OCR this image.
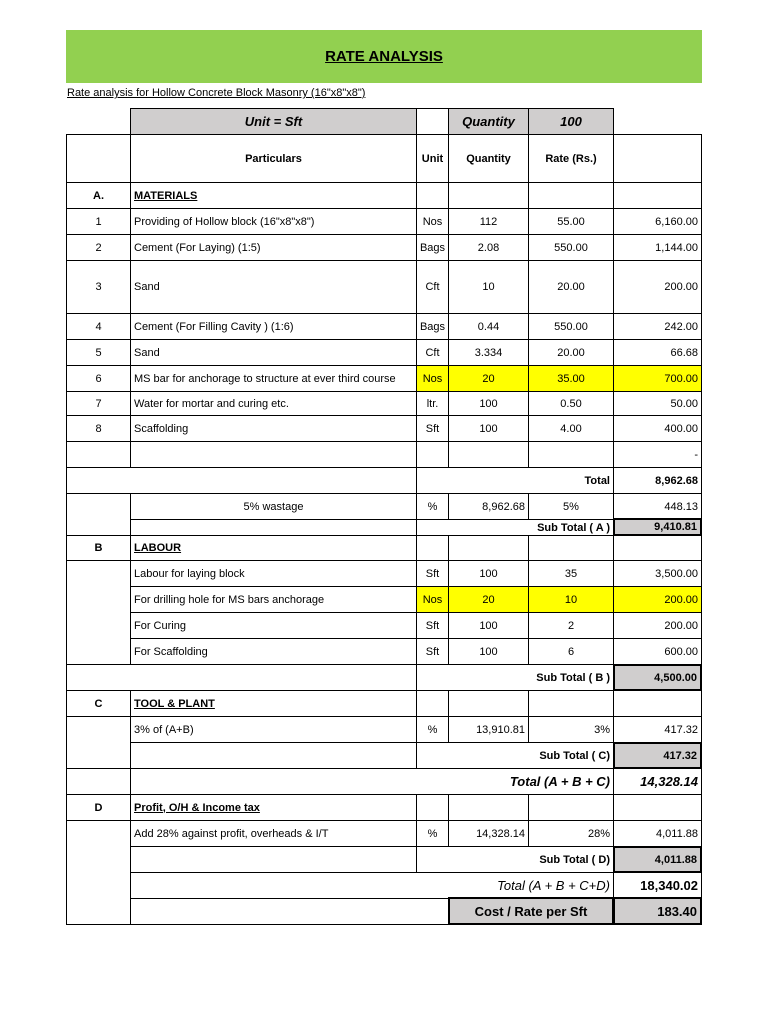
RATE ANALYSIS
Rate analysis for Hollow Concrete Block Masonry (16"x8"x8")
Unit = Sft	Quantity	100
Particulars	Unit	Quantity	Rate (Rs.)
A.	MATERIALS
1	Providing of Hollow block (16"x8"x8")	Nos	112	55.00	6,160.00
2	Cement (For Laying) (1:5)	Bags	2.08	550.00	1,144.00
3	Sand	Cft	10	20.00	200.00
4	Cement (For Filling Cavity ) (1:6)	Bags	0.44	550.00	242.00
5	Sand	Cft	3.334	20.00	66.68
6	MS bar for anchorage to structure at ever third course	Nos	20	35.00	700.00
7	Water for mortar and curing etc.	ltr.	100	0.50	50.00
8	Scaffolding	Sft	100	4.00	400.00
-
Total	8,962.68
5% wastage	%	8,962.68	5%	448.13
Sub Total ( A )	9,410.81
B	LABOUR
Labour for laying block	Sft	100	35	3,500.00
For drilling hole for MS bars anchorage	Nos	20	10	200.00
For Curing	Sft	100	2	200.00
For Scaffolding	Sft	100	6	600.00
Sub Total ( B )	4,500.00
C	TOOL & PLANT
3% of (A+B)	%	13,910.81	3%	417.32
Sub Total ( C)	417.32
Total (A + B + C)	14,328.14
D	Profit, O/H & Income tax
Add 28% against profit, overheads & I/T	%	14,328.14	28%	4,011.88
Sub Total ( D)	4,011.88
Total (A + B + C+D)	18,340.02
Cost / Rate per Sft	183.40
